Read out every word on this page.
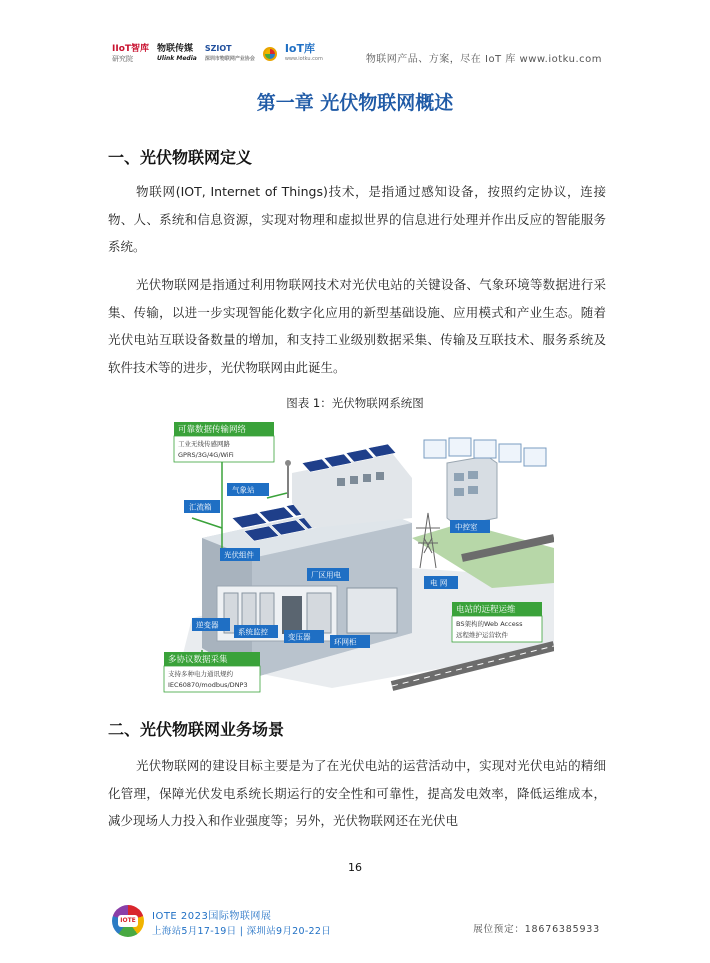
IIoT智库
研究院
物联传媒
Ulink Media
SZIOT
深圳市物联网产业协会
IoT库
www.iotku.com	物联网产品、方案，尽在 IoT 库 www.iotku.com
第一章 光伏物联网概述
一、光伏物联网定义
物联网(IOT, Internet of Things)技术，是指通过感知设备，按照约定协议，连接物、人、系统和信息资源，实现对物理和虚拟世界的信息进行处理并作出反应的智能服务系统。
光伏物联网是指通过利用物联网技术对光伏电站的关键设备、气象环境等数据进行采集、传输，以进一步实现智能化数字化应用的新型基础设施、应用模式和产业生态。随着光伏电站互联设备数量的增加，和支持工业级别数据采集、传输及互联技术、服务系统及软件技术等的进步，光伏物联网由此诞生。
图表 1：光伏物联网系统图
气象站
汇流箱
光伏组件
厂区用电
中控室
电 网
逆变器
系统监控
变压器
环网柜
可靠数据传输网络
工业无线传感网路
GPRS/3G/4G/WiFi
电站的远程运维
BS架构的Web Access
远程维护运营软件
多协议数据采集
支持多种电力通讯规约
IEC60870/modbus/DNP3
二、光伏物联网业务场景
光伏物联网的建设目标主要是为了在光伏电站的运营活动中，实现对光伏电站的精细化管理，保障光伏发电系统长期运行的安全性和可靠性，提高发电效率，降低运维成本，减少现场人力投入和作业强度等；另外，光伏物联网还在光伏电
16
IOTE IOTE 2023国际物联网展
上海站5月17-19日 | 深圳站9月20-22日	展位预定：18676385933
